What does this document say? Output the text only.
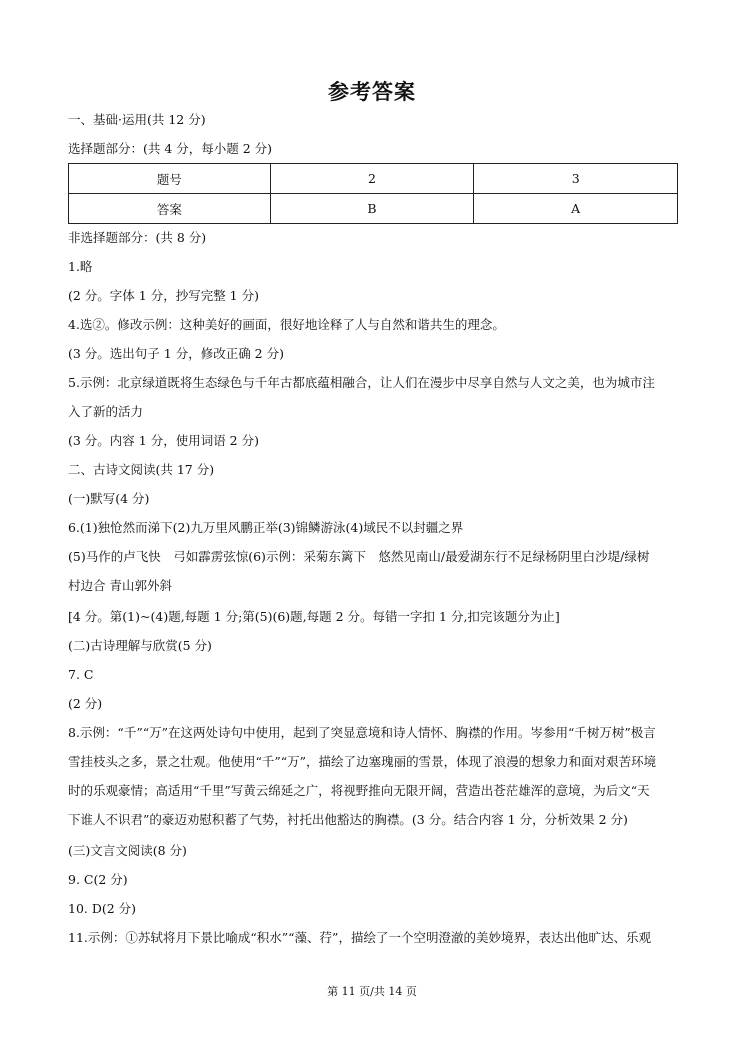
参考答案
一、基础·运用(共 12 分)
选择题部分：(共 4 分，每小题 2 分)
题号	2	3
答案	B	A
非选择题部分：(共 8 分)
1.略
(2 分。字体 1 分，抄写完整 1 分)
4.选②。修改示例：这种美好的画面，很好地诠释了人与自然和谐共生的理念。
(3 分。选出句子 1 分，修改正确 2 分)
5.示例：北京绿道既将生态绿色与千年古都底蕴相融合，让人们在漫步中尽享自然与人文之美，也为城市注
入了新的活力
(3 分。内容 1 分，使用词语 2 分)
二、古诗文阅读(共 17 分)
(一)默写(4 分)
6.(1)独怆然而涕下(2)九万里风鹏正举(3)锦鳞游泳(4)域民不以封疆之界
(5)马作的卢飞快　弓如霹雳弦惊(6)示例：采菊东篱下　悠然见南山/最爱湖东行不足绿杨阴里白沙堤/绿树
村边合 青山郭外斜
[4 分。第(1)~(4)题,每题 1 分;第(5)(6)题,每题 2 分。每错一字扣 1 分,扣完该题分为止]
(二)古诗理解与欣赏(5 分)
7. C
(2 分)
8.示例：“千”“万”在这两处诗句中使用，起到了突显意境和诗人情怀、胸襟的作用。岑参用“千树万树”极言
雪挂枝头之多，景之壮观。他使用“千”“万”，描绘了边塞瑰丽的雪景，体现了浪漫的想象力和面对艰苦环境
时的乐观豪情；高适用“千里”写黄云绵延之广，将视野推向无限开阔，营造出苍茫雄浑的意境，为后文“天
下谁人不识君”的豪迈劝慰积蓄了气势，衬托出他豁达的胸襟。(3 分。结合内容 1 分，分析效果 2 分)
(三)文言文阅读(8 分)
9. C(2 分)
10. D(2 分)
11.示例：①苏轼将月下景比喻成“积水”“藻、荇”，描绘了一个空明澄澈的美妙境界，表达出他旷达、乐观
第 11 页/共 14 页
